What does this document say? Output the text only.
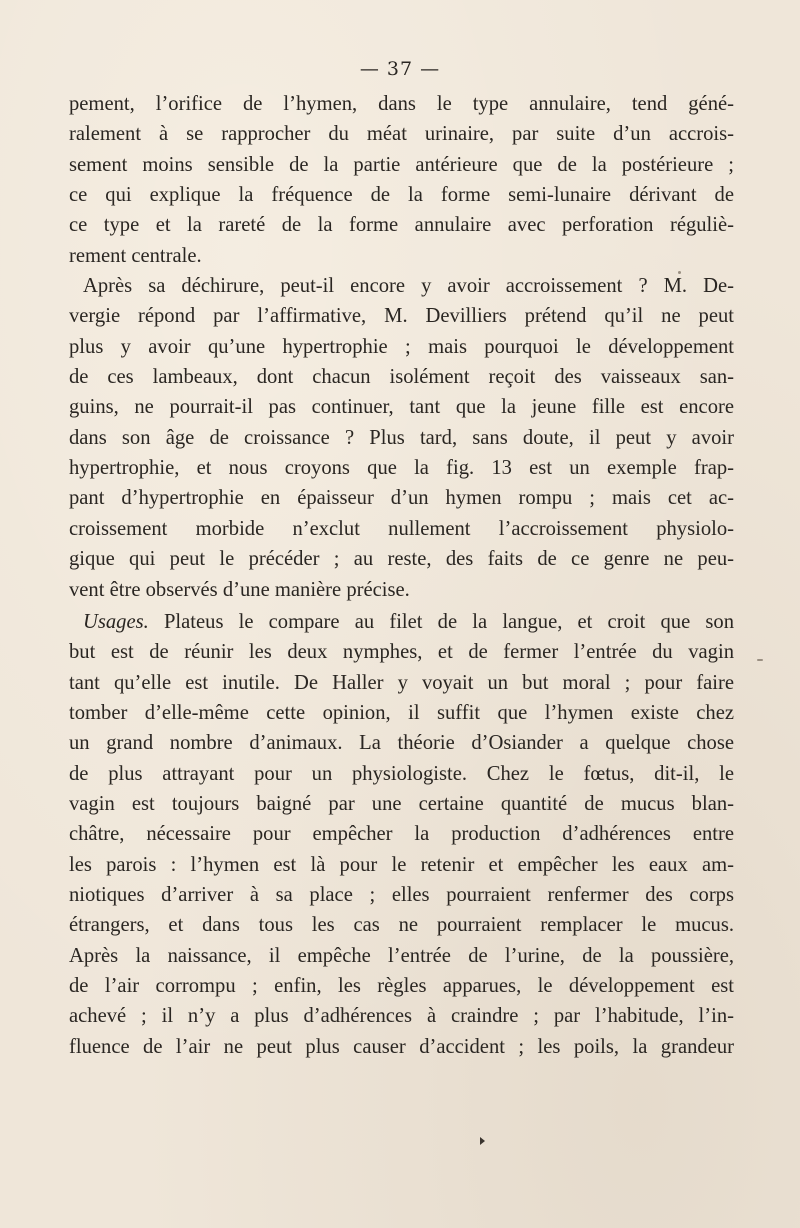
— 37 —
pement, l’orifice de l’hymen, dans le type annulaire, tend géné-
ralement à se rapprocher du méat urinaire, par suite d’un accrois-
sement moins sensible de la partie antérieure que de la postérieure ;
ce qui explique la fréquence de la forme semi-lunaire dérivant de
ce type et la rareté de la forme annulaire avec perforation réguliè-
rement centrale.
Après sa déchirure, peut-il encore y avoir accroissement ? M. De-
vergie répond par l’affirmative, M. Devilliers prétend qu’il ne peut
plus y avoir qu’une hypertrophie ; mais pourquoi le développement
de ces lambeaux, dont chacun isolément reçoit des vaisseaux san-
guins, ne pourrait-il pas continuer, tant que la jeune fille est encore
dans son âge de croissance ? Plus tard, sans doute, il peut y avoir
hypertrophie, et nous croyons que la fig. 13 est un exemple frap-
pant d’hypertrophie en épaisseur d’un hymen rompu ; mais cet ac-
croissement morbide n’exclut nullement l’accroissement physiolo-
gique qui peut le précéder ; au reste, des faits de ce genre ne peu-
vent être observés d’une manière précise.
Usages. Plateus le compare au filet de la langue, et croit que son
but est de réunir les deux nymphes, et de fermer l’entrée du vagin
tant qu’elle est inutile. De Haller y voyait un but moral ; pour faire
tomber d’elle-même cette opinion, il suffit que l’hymen existe chez
un grand nombre d’animaux. La théorie d’Osiander a quelque chose
de plus attrayant pour un physiologiste. Chez le fœtus, dit-il, le
vagin est toujours baigné par une certaine quantité de mucus blan-
châtre, nécessaire pour empêcher la production d’adhérences entre
les parois : l’hymen est là pour le retenir et empêcher les eaux am-
niotiques d’arriver à sa place ; elles pourraient renfermer des corps
étrangers, et dans tous les cas ne pourraient remplacer le mucus.
Après la naissance, il empêche l’entrée de l’urine, de la poussière,
de l’air corrompu ; enfin, les règles apparues, le développement est
achevé ; il n’y a plus d’adhérences à craindre ; par l’habitude, l’in-
fluence de l’air ne peut plus causer d’accident ; les poils, la grandeur
